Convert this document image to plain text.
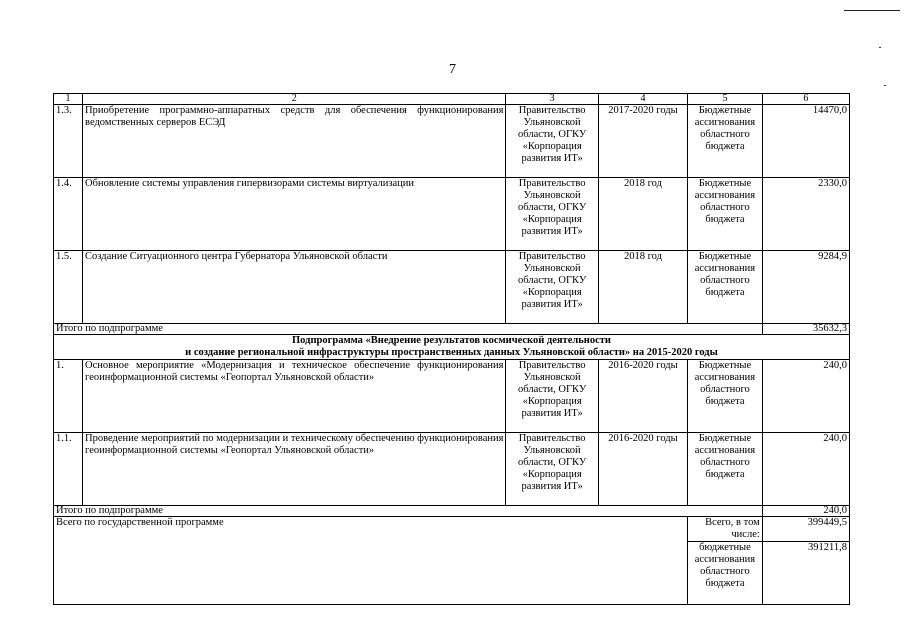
7
1	2	3	4	5	6
1.3.	Приобретение программно-аппаратных средств для обеспечения функционирования ведомственных серверов ЕСЭД	Правительство Ульяновской области, ОГКУ «Корпорация развития ИТ»	2017-2020 годы	Бюджетные ассигнования областного бюджета	14470,0
1.4.	Обновление системы управления гипервизорами системы виртуализации	Правительство Ульяновской области, ОГКУ «Корпорация развития ИТ»	2018 год	Бюджетные ассигнования областного бюджета	2330,0
1.5.	Создание Ситуационного центра Губернатора Ульяновской области	Правительство Ульяновской области, ОГКУ «Корпорация развития ИТ»	2018 год	Бюджетные ассигнования областного бюджета	9284,9
Итого по подпрограмме					35632,3
Подпрограмма «Внедрение результатов космической деятельности
и создание региональной инфраструктуры пространственных данных Ульяновской области» на 2015-2020 годы					
1.	Основное мероприятие «Модернизация и техническое обеспечение функционирования геоинформационной системы «Геопортал Ульяновской области»	Правительство Ульяновской области, ОГКУ «Корпорация развития ИТ»	2016-2020 годы	Бюджетные ассигнования областного бюджета	240,0
1.1.	Проведение мероприятий по модернизации и техническому обеспечению функционирования геоинформационной системы «Геопортал Ульяновской области»	Правительство Ульяновской области, ОГКУ «Корпорация развития ИТ»	2016-2020 годы	Бюджетные ассигнования областного бюджета	240,0
Итого по подпрограмме					240,0
Всего по государственной программе				Всего, в том числе:	399449,5
				бюджетные ассигнования областного бюджета	391211,8
